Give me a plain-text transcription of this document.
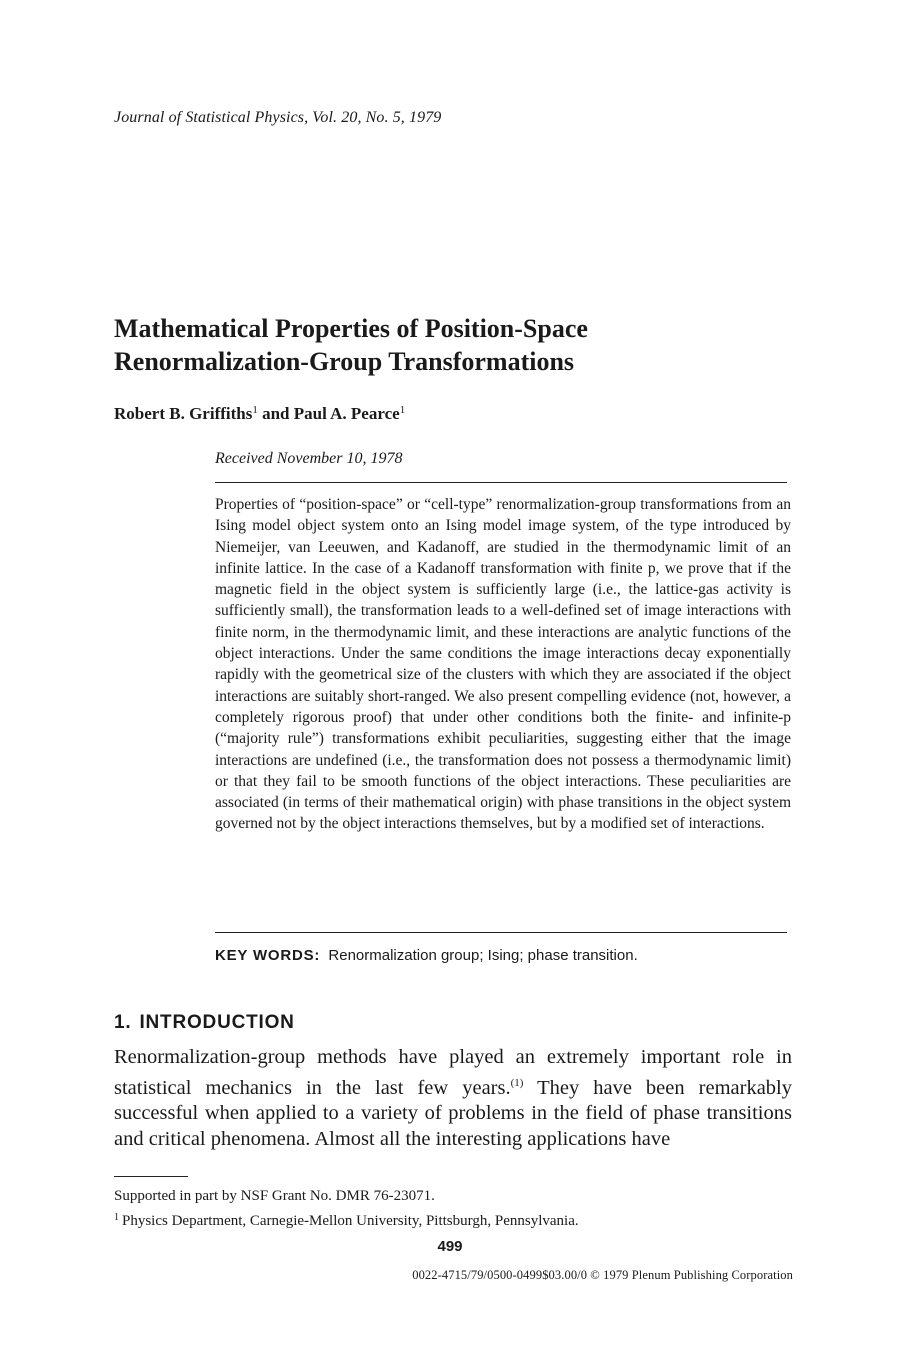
Journal of Statistical Physics, Vol. 20, No. 5, 1979
Mathematical Properties of Position-Space
Renormalization-Group Transformations
Robert B. Griffiths$^1$ and Paul A. Pearce$^1$
Received November 10, 1978

Properties of “position-space” or “cell-type” renormalization-group transformations from an Ising model object system onto an Ising model image system, of the type introduced by Niemeijer, van Leeuwen, and Kadanoff, are studied in the thermodynamic limit of an infinite lattice. In the case of a Kadanoff transformation with finite p, we prove that if the magnetic field in the object system is sufficiently large (i.e., the lattice-gas activity is sufficiently small), the transformation leads to a well-defined set of image interactions with finite norm, in the thermodynamic limit, and these interactions are analytic functions of the object interactions. Under the same conditions the image interactions decay exponentially rapidly with the geometrical size of the clusters with which they are associated if the object interactions are suitably short-ranged. We also present compelling evidence (not, however, a completely rigorous proof) that under other conditions both the finite- and infinite-p (“majority rule”) transformations exhibit peculiarities, suggesting either that the image interactions are undefined (i.e., the transformation does not possess a thermodynamic limit) or that they fail to be smooth functions of the object interactions. These peculiarities are associated (in terms of their mathematical origin) with phase transitions in the object system governed not by the object interactions themselves, but by a modified set of interactions.

KEY WORDS: Renormalization group; Ising; phase transition.
1. INTRODUCTION

Renormalization-group methods have played an extremely important role in statistical mechanics in the last few years.$^{(1)}$ They have been remarkably successful when applied to a variety of problems in the field of phase transitions and critical phenomena. Almost all the interesting applications have

Supported in part by NSF Grant No. DMR 76-23071.
$^1$ Physics Department, Carnegie-Mellon University, Pittsburgh, Pennsylvania.
499
0022-4715/79/0500-0499$03.00/0 © 1979 Plenum Publishing Corporation
